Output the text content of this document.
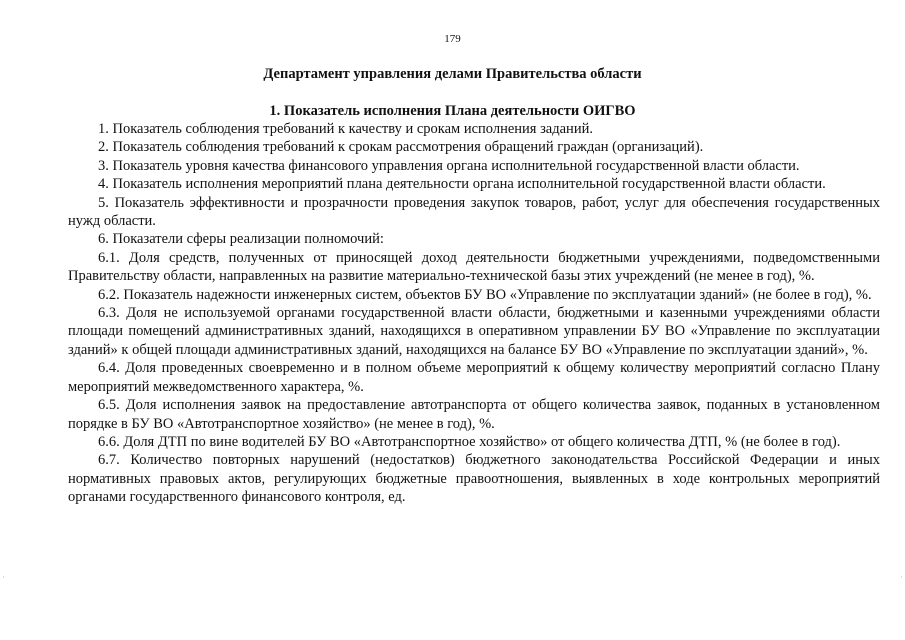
179
Департамент управления делами Правительства области
1. Показатель исполнения Плана деятельности ОИГВО

1. Показатель соблюдения требований к качеству и срокам исполнения заданий.

2. Показатель соблюдения требований к срокам рассмотрения обращений граждан (организаций).

3. Показатель уровня качества финансового управления органа исполнительной государственной власти области.

4. Показатель исполнения мероприятий плана деятельности органа исполнительной государственной власти области.

5. Показатель эффективности и прозрачности проведения закупок товаров, работ, услуг для обеспечения государственных нужд области.

6. Показатели сферы реализации полномочий:

6.1. Доля средств, полученных от приносящей доход деятельности бюджетными учреждениями, подведомственными Правительству области, направленных на развитие материально-технической базы этих учреждений (не менее в год), %.

6.2. Показатель надежности инженерных систем, объектов БУ ВО «Управление по эксплуатации зданий» (не более в год), %.

6.3. Доля не используемой органами государственной власти области, бюджетными и казенными учреждениями области площади помещений административных зданий, находящихся в оперативном управлении БУ ВО «Управление по эксплуатации зданий» к общей площади административных зданий, находящихся на балансе БУ ВО «Управление по эксплуатации зданий», %.

6.4. Доля проведенных своевременно и в полном объеме мероприятий к общему количеству мероприятий согласно Плану мероприятий межведомственного характера, %.

6.5. Доля исполнения заявок на предоставление автотранспорта от общего количества заявок, поданных в установленном порядке в БУ ВО «Автотранспортное хозяйство» (не менее в год), %.

6.6. Доля ДТП по вине водителей БУ ВО «Автотранспортное хозяйство» от общего количества ДТП, % (не более в год).

6.7. Количество повторных нарушений (недостатков) бюджетного законодательства Российской Федерации и иных нормативных правовых актов, регулирующих бюджетные правоотношения, выявленных в ходе контрольных мероприятий органами государственного финансового контроля, ед.

·	·
